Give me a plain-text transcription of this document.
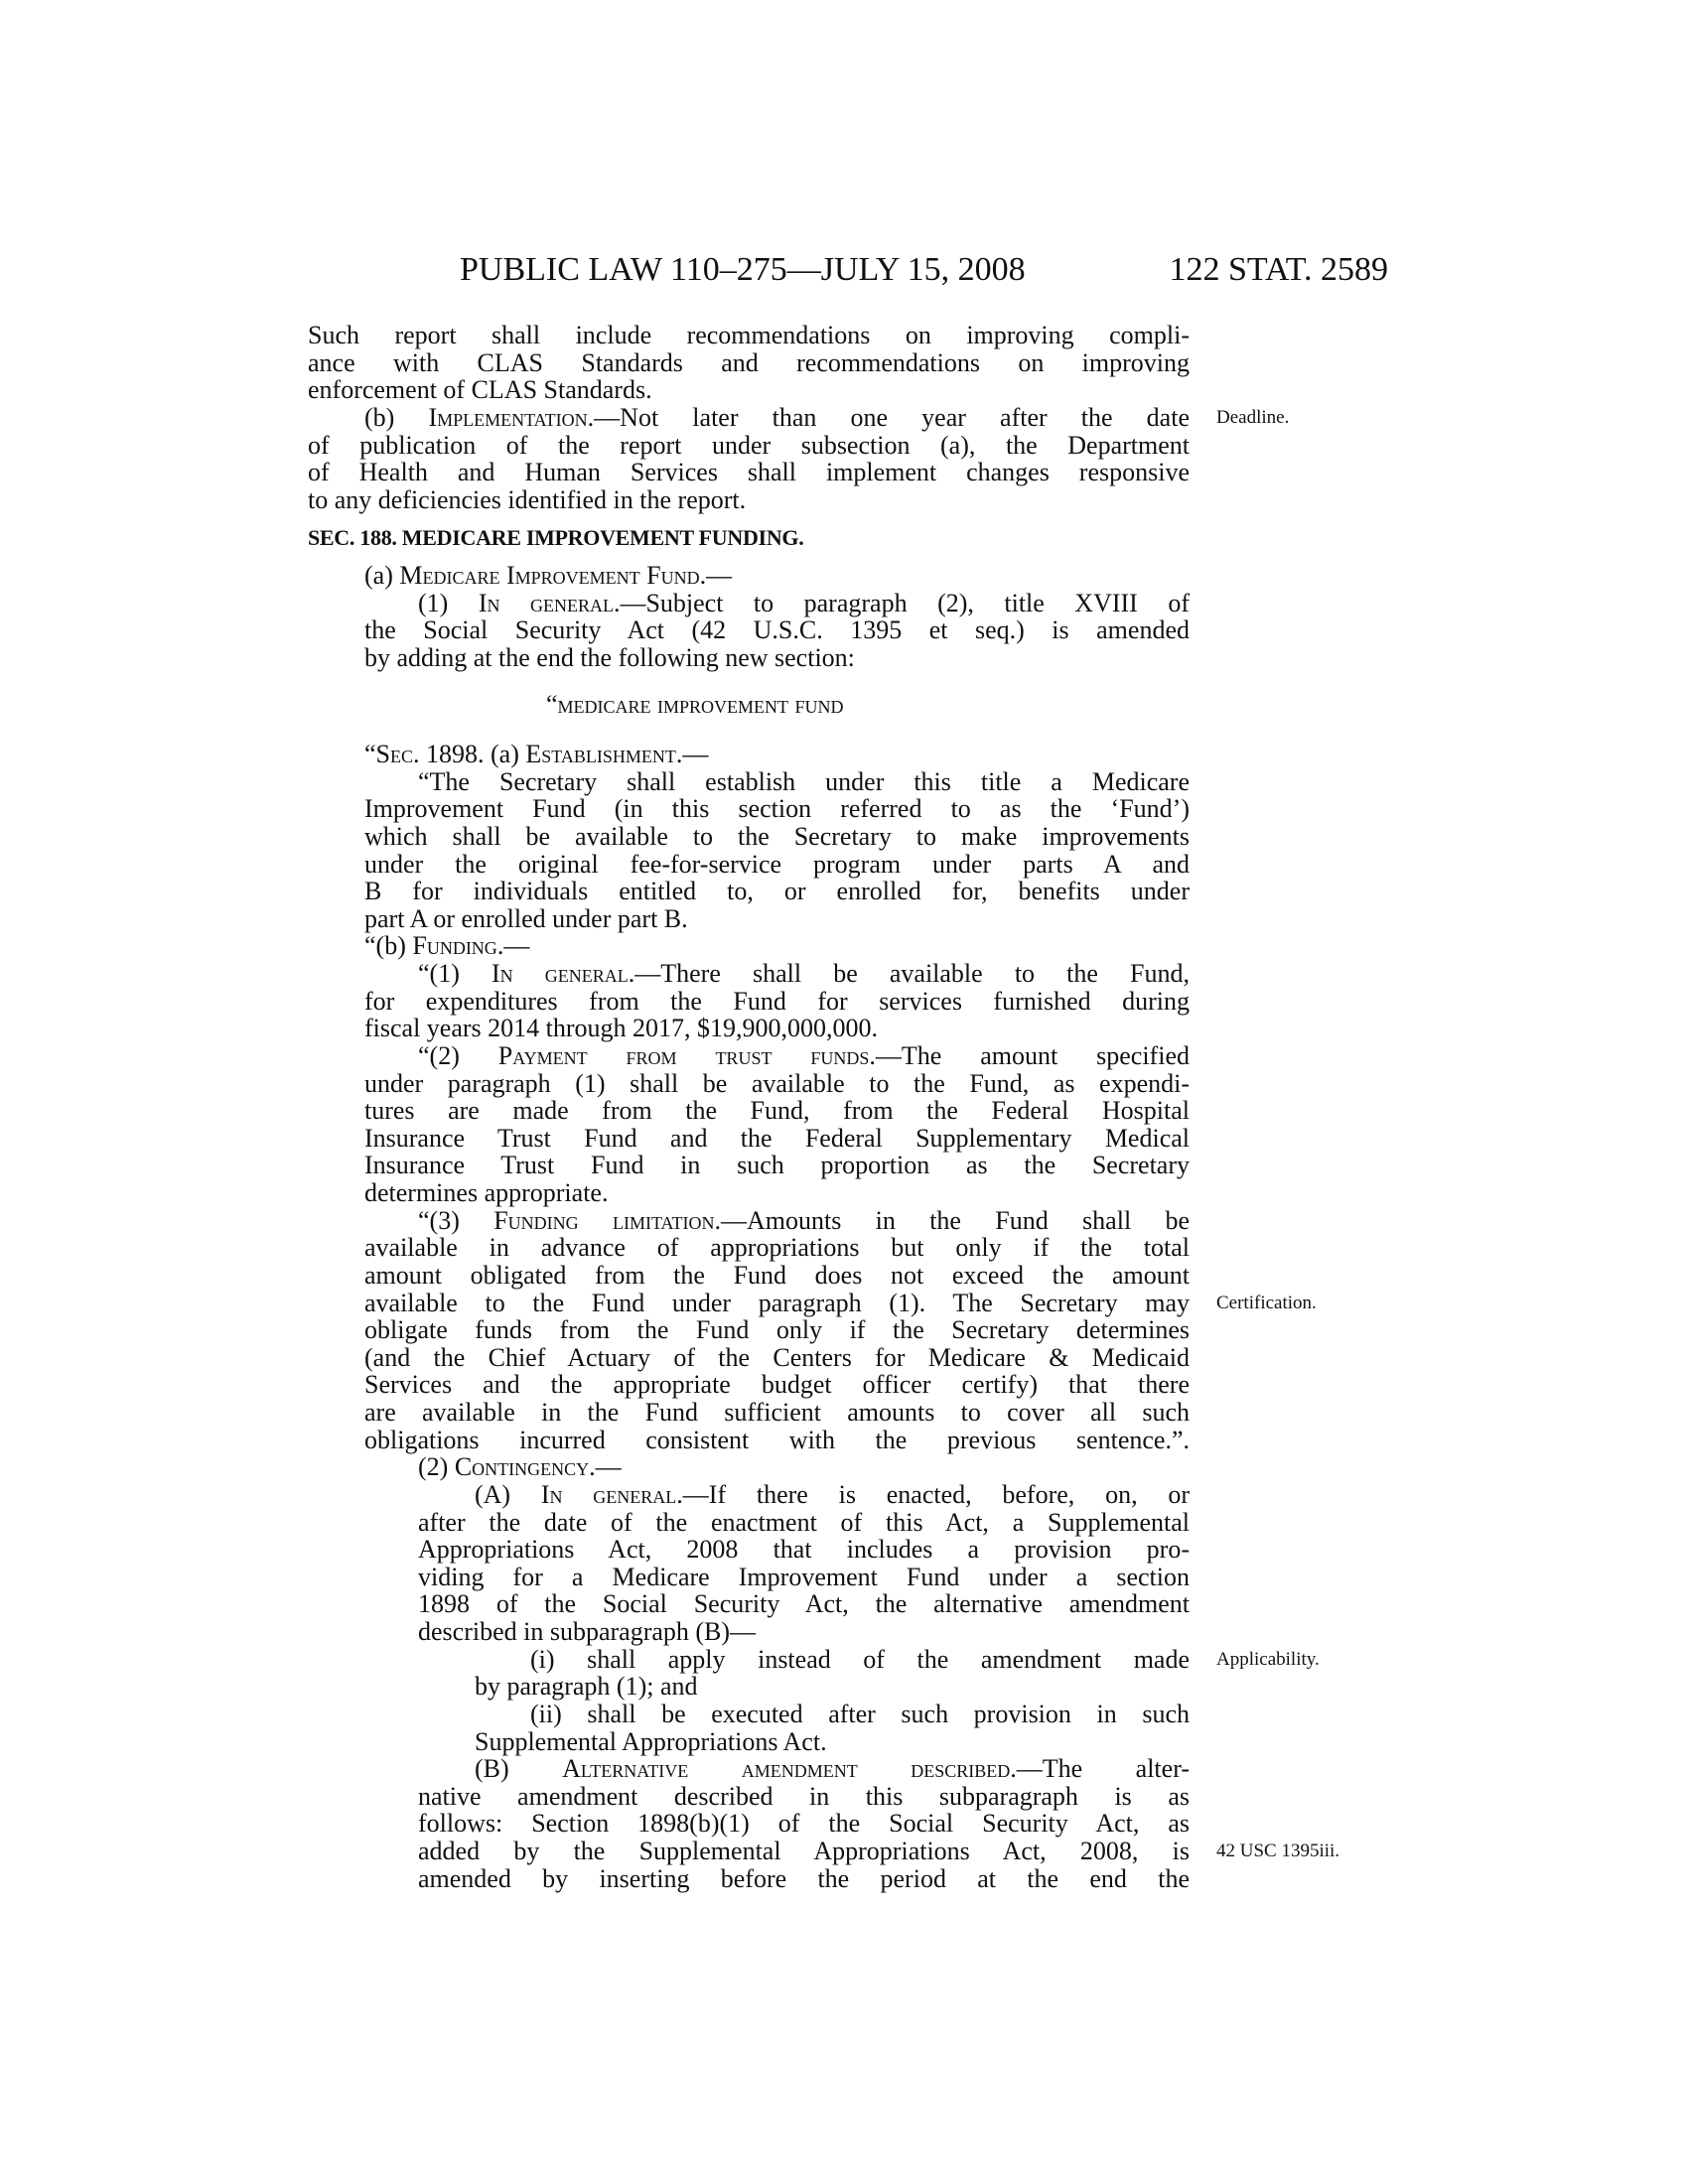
PUBLIC LAW 110–275—JULY 15, 2008	122 STAT. 2589
Such report shall include recommendations on improving compli-
ance with CLAS Standards and recommendations on improving
enforcement of CLAS Standards.
(b) Implementation.—Not later than one year after the date Deadline.
of publication of the report under subsection (a), the Department
of Health and Human Services shall implement changes responsive
to any deficiencies identified in the report.
SEC. 188. MEDICARE IMPROVEMENT FUNDING.
(a) Medicare Improvement Fund.—
(1) In general.—Subject to paragraph (2), title XVIII of
the Social Security Act (42 U.S.C. 1395 et seq.) is amended
by adding at the end the following new section:
“medicare improvement fund
“Sec. 1898. (a) Establishment.—
“The Secretary shall establish under this title a Medicare
Improvement Fund (in this section referred to as the ‘Fund’)
which shall be available to the Secretary to make improvements
under the original fee-for-service program under parts A and
B for individuals entitled to, or enrolled for, benefits under
part A or enrolled under part B.
“(b) Funding.—
“(1) In general.—There shall be available to the Fund,
for expenditures from the Fund for services furnished during
fiscal years 2014 through 2017, $19,900,000,000.
“(2) Payment from trust funds.—The amount specified
under paragraph (1) shall be available to the Fund, as expendi-
tures are made from the Fund, from the Federal Hospital
Insurance Trust Fund and the Federal Supplementary Medical
Insurance Trust Fund in such proportion as the Secretary
determines appropriate.
“(3) Funding limitation.—Amounts in the Fund shall be
available in advance of appropriations but only if the total
amount obligated from the Fund does not exceed the amount
available to the Fund under paragraph (1). The Secretary may Certification.
obligate funds from the Fund only if the Secretary determines
(and the Chief Actuary of the Centers for Medicare & Medicaid
Services and the appropriate budget officer certify) that there
are available in the Fund sufficient amounts to cover all such
obligations incurred consistent with the previous sentence.”.
(2) Contingency.—
(A) In general.—If there is enacted, before, on, or
after the date of the enactment of this Act, a Supplemental
Appropriations Act, 2008 that includes a provision pro-
viding for a Medicare Improvement Fund under a section
1898 of the Social Security Act, the alternative amendment
described in subparagraph (B)—
(i) shall apply instead of the amendment made Applicability.
by paragraph (1); and
(ii) shall be executed after such provision in such
Supplemental Appropriations Act.
(B) Alternative amendment described.—The alter-
native amendment described in this subparagraph is as
follows: Section 1898(b)(1) of the Social Security Act, as
added by the Supplemental Appropriations Act, 2008, is 42 USC 1395iii.
amended by inserting before the period at the end the
